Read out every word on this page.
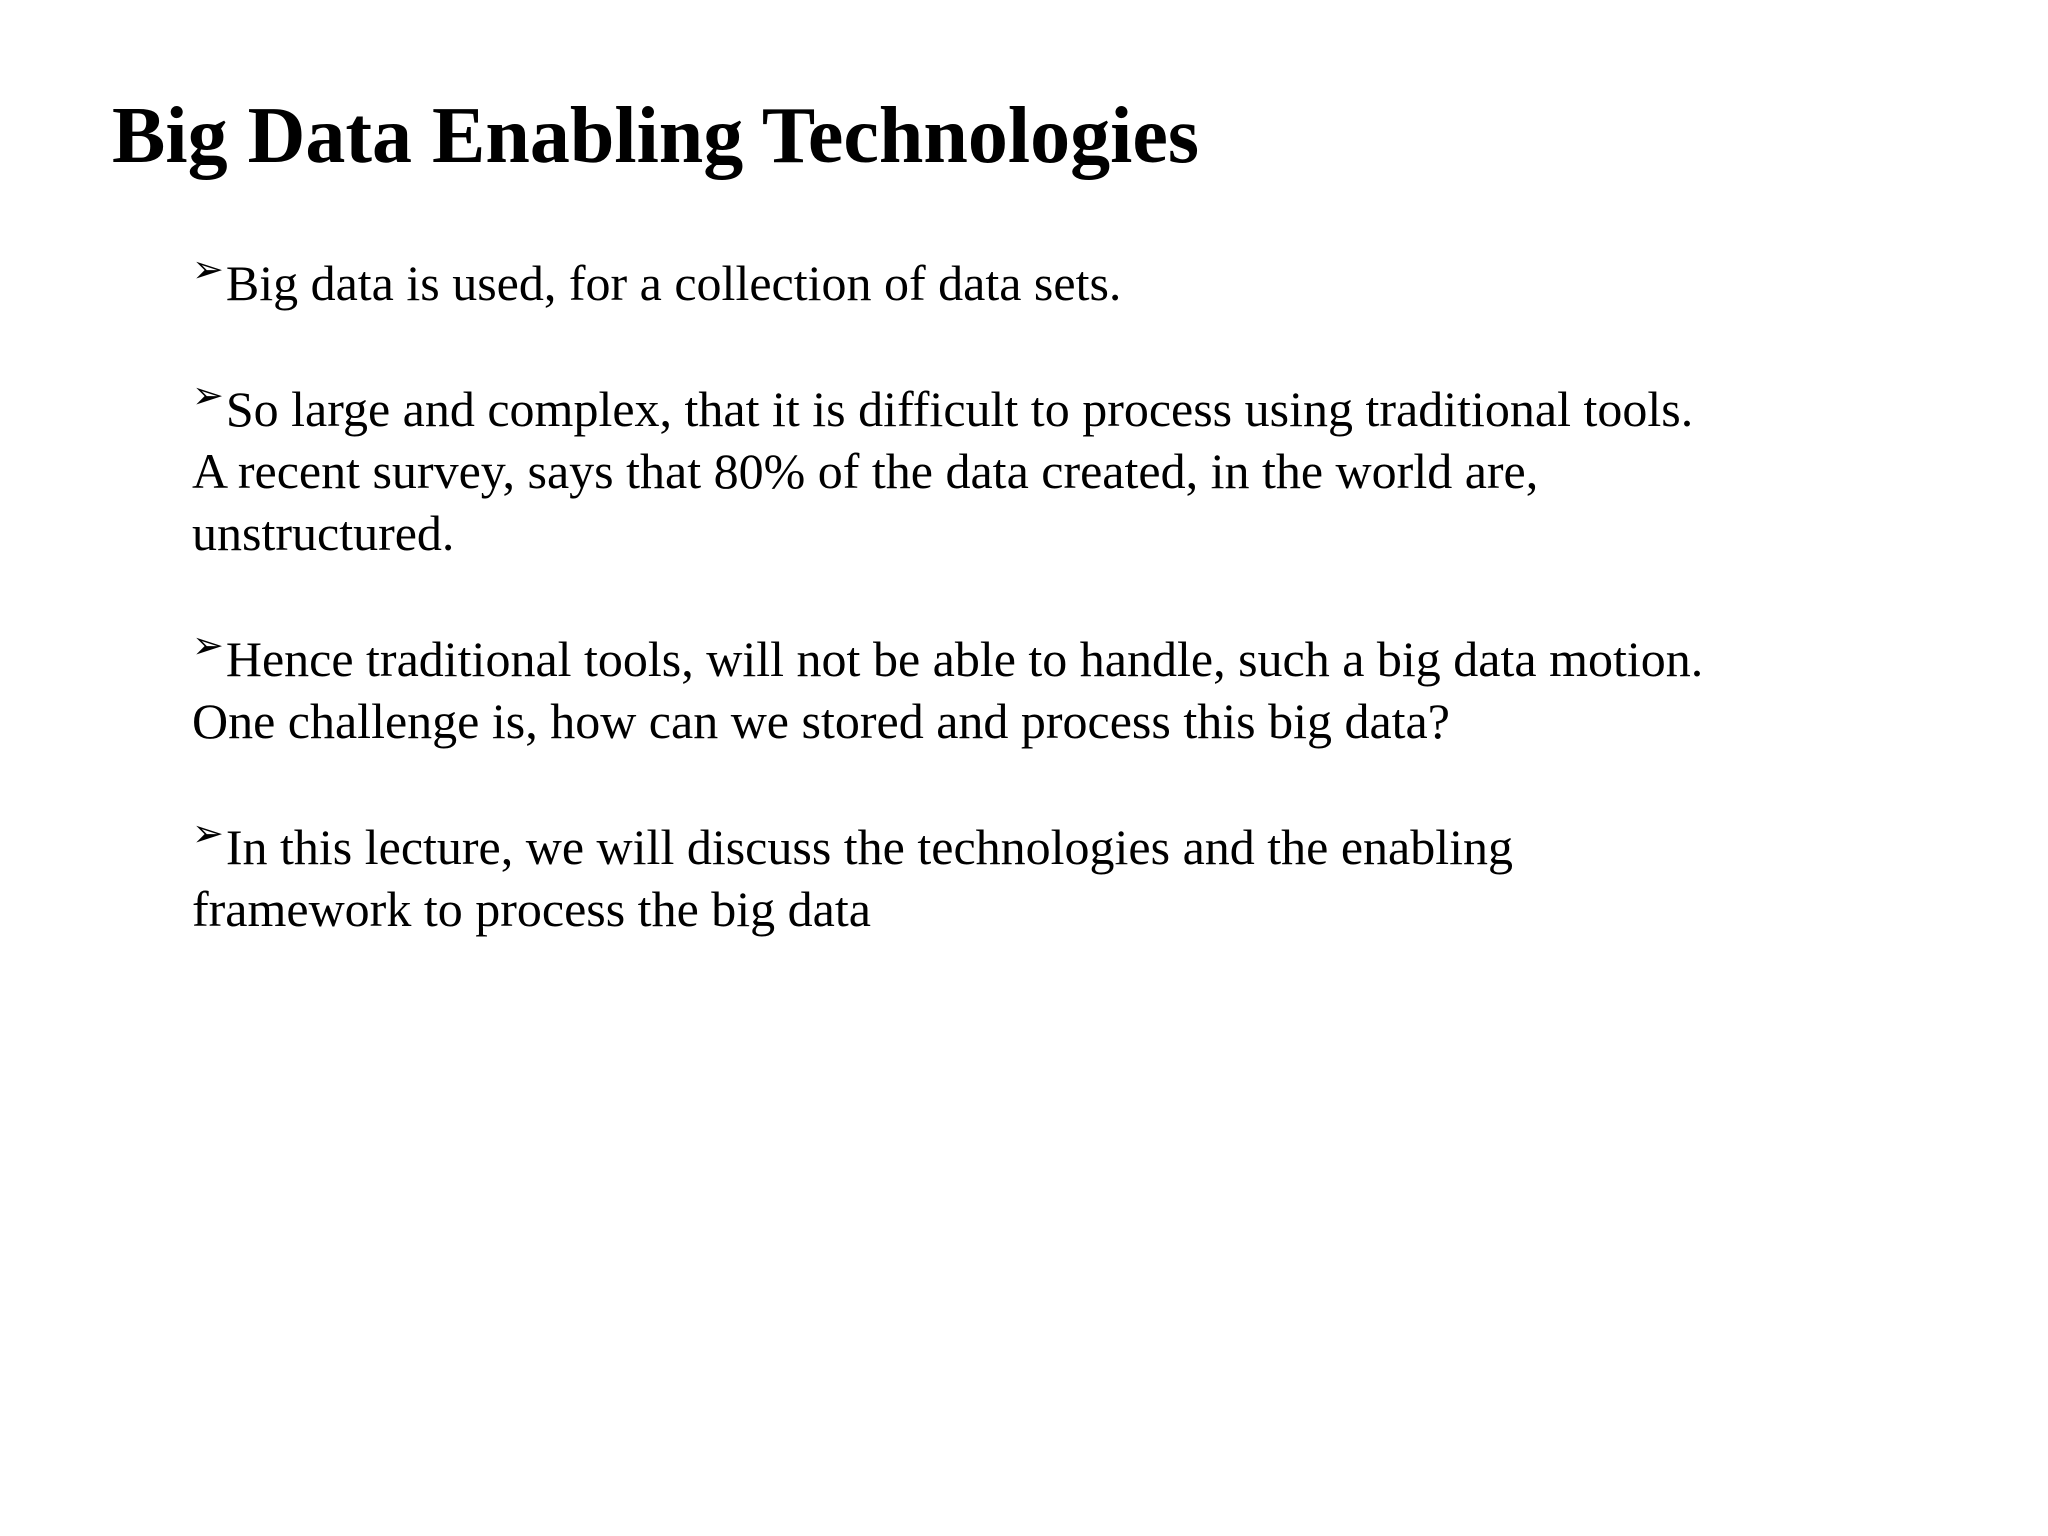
Big Data Enabling Technologies
➢Big data is used, for a collection of data sets.
➢So large and complex, that it is difficult to process using traditional tools. A recent survey, says that 80% of the data created, in the world are, unstructured.
➢Hence traditional tools, will not be able to handle, such a big data motion. One challenge is, how can we stored and process this big data?
➢In this lecture, we will discuss the technologies and the enabling framework to process the big data
